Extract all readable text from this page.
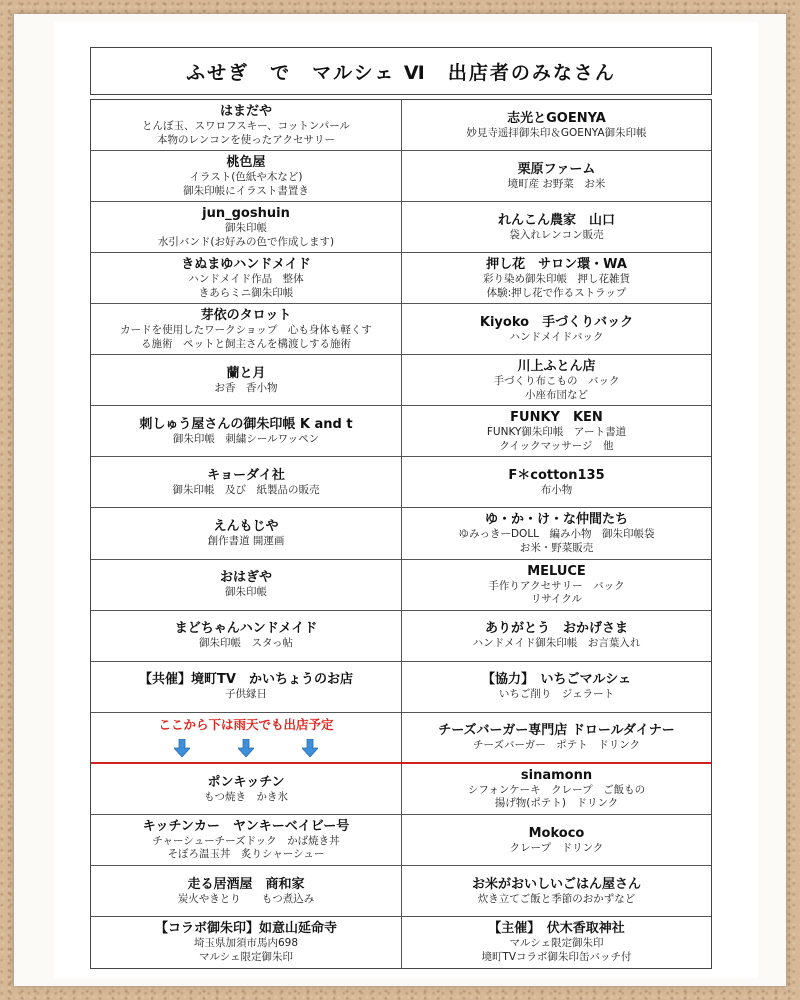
ふせぎ　で　マルシェ Ⅵ　出店者のみなさん
はまだや
とんぼ玉、スワロフスキー、コットンパール
本物のレンコンを使ったアクセサリー
志光とGOENYA
妙見寺遥拝御朱印＆GOENYA御朱印帳
桃色屋
イラスト(色紙や木など)
御朱印帳にイラスト書置き
栗原ファーム
境町産 お野菜　お米
jun_goshuin
御朱印帳
水引バンド(お好みの色で作成します)
れんこん農家　山口
袋入れレンコン販売
きぬまゆハンドメイド
ハンドメイド作品　整体
きあらミニ御朱印帳
押し花　サロン環・WA
彩り染め御朱印帳　押し花雑貨
体験:押し花で作るストラップ
芽依のタロット
カードを使用したワークショップ　心も身体も軽くす
る施術　ペットと飼主さんを構渡しする施術
Kiyoko　手づくりバック
ハンドメイドバック
蘭と月
お香　香小物
川上ふとん店
手づくり布こもの　バック
小座布団など
刺しゅう屋さんの御朱印帳 K and t
御朱印帳　刺繍シールワッペン
FUNKY　KEN
FUNKY御朱印帳　アート書道
クイックマッサージ　他
キョーダイ社
御朱印帳　及び　紙製品の販売
F＊cotton135
布小物
えんもじや
創作書道 開運画
ゆ・か・け・な仲間たち
ゆみっきーDOLL　編み小物　御朱印帳袋
お米・野菜販売
おはぎや
御朱印帳
MELUCE
手作りアクセサリー　バック
リサイクル
まどちゃんハンドメイド
御朱印帳　スタっ帖
ありがとう　おかげさま
ハンドメイド御朱印帳　お言葉入れ
【共催】境町TV　かいちょうのお店
子供縁日
【協力】　いちごマルシェ
いちご削り　ジェラート
ここから下は雨天でも出店予定	チーズバーガー専門店 ドロールダイナー
チーズバーガー　ポテト　ドリンク
ポンキッチン
もつ焼き　かき氷
sinamonn
シフォンケーキ　クレープ　ご飯もの
揚げ物(ポテト)　ドリンク
キッチンカー　ヤンキーベイビー号
チャーシューチーズドック　かば焼き丼
そぼろ温玉丼　炙りシャーシュー
Mokoco
クレープ　ドリンク
走る居酒屋　商和家
炭火やきとり　　もつ煮込み
お米がおいしいごはん屋さん
炊き立てご飯と季節のおかずなど
【コラボ御朱印】如意山延命寺
埼玉県加須市馬内698
マルシェ限定御朱印
【主催】　伏木香取神社
マルシェ限定御朱印
境町TVコラボ御朱印缶バッチ付
